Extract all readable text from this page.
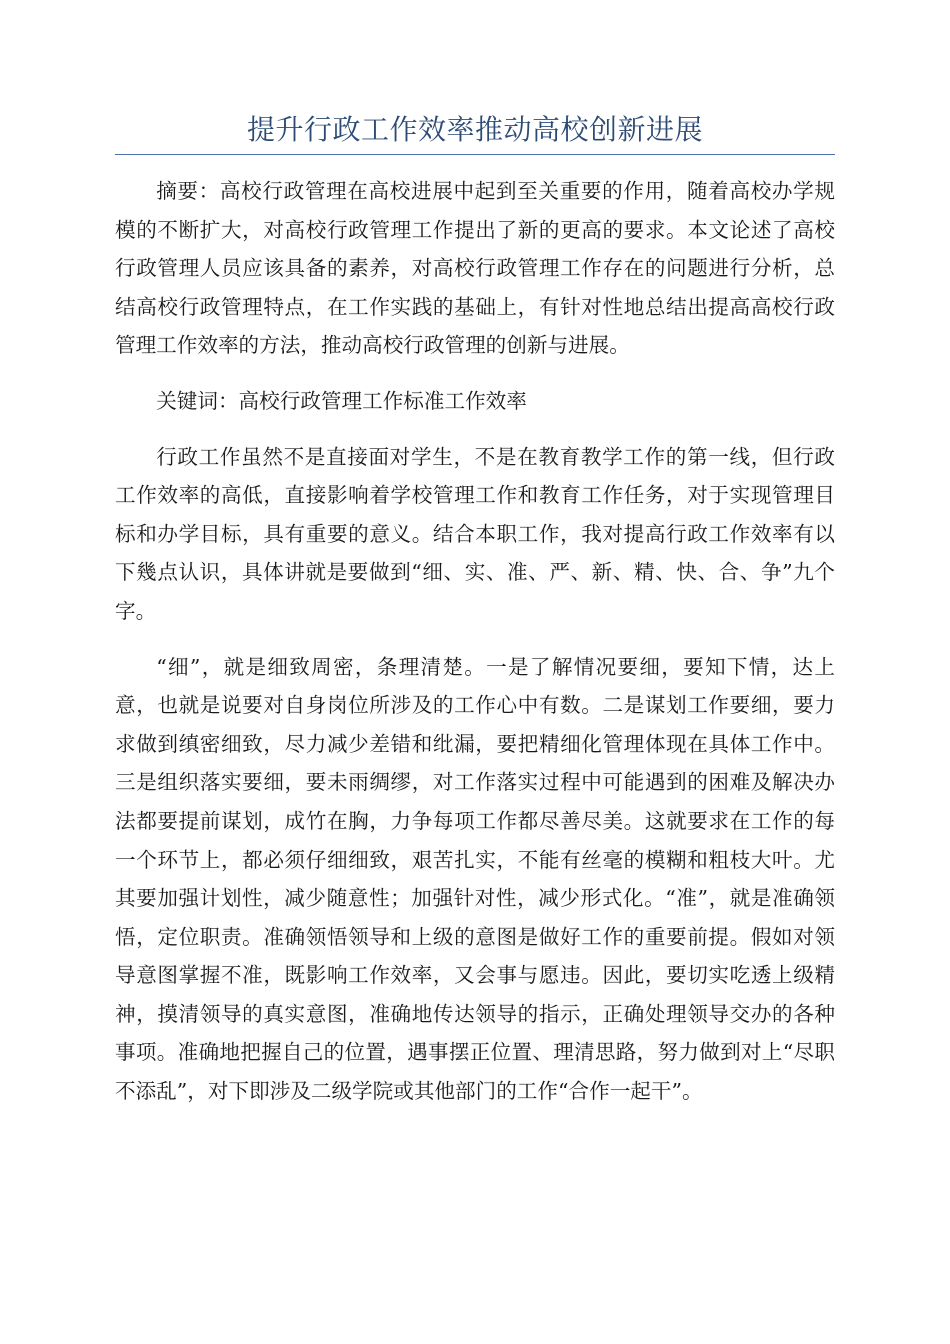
提升行政工作效率推动高校创新进展

摘要：高校行政管理在高校进展中起到至关重要的作用，随着高校办学规模的不断扩大，对高校行政管理工作提出了新的更高的要求。本文论述了高校行政管理人员应该具备的素养，对高校行政管理工作存在的问题进行分析，总结高校行政管理特点，在工作实践的基础上，有针对性地总结出提高高校行政管理工作效率的方法，推动高校行政管理的创新与进展。

关键词：高校行政管理工作标准工作效率

行政工作虽然不是直接面对学生，不是在教育教学工作的第一线，但行政工作效率的高低，直接影响着学校管理工作和教育工作任务，对于实现管理目标和办学目标，具有重要的意义。结合本职工作，我对提高行政工作效率有以下幾点认识，具体讲就是要做到“细、实、准、严、新、精、快、合、争”九个字。

“细”，就是细致周密，条理清楚。一是了解情况要细，要知下情，达上意，也就是说要对自身岗位所涉及的工作心中有数。二是谋划工作要细，要力求做到缜密细致，尽力减少差错和纰漏，要把精细化管理体现在具体工作中。三是组织落实要细，要未雨绸缪，对工作落实过程中可能遇到的困难及解决办法都要提前谋划，成竹在胸，力争每项工作都尽善尽美。这就要求在工作的每一个环节上，都必须仔细细致，艰苦扎实，不能有丝毫的模糊和粗枝大叶。尤其要加强计划性，减少随意性；加强针对性，减少形式化。“准”，就是准确领悟，定位职责。准确领悟领导和上级的意图是做好工作的重要前提。假如对领导意图掌握不准，既影响工作效率，又会事与愿违。因此，要切实吃透上级精神，摸清领导的真实意图，准确地传达领导的指示，正确处理领导交办的各种事项。准确地把握自己的位置，遇事摆正位置、理清思路，努力做到对上“尽职不添乱”，对下即涉及二级学院或其他部门的工作“合作一起干”。
